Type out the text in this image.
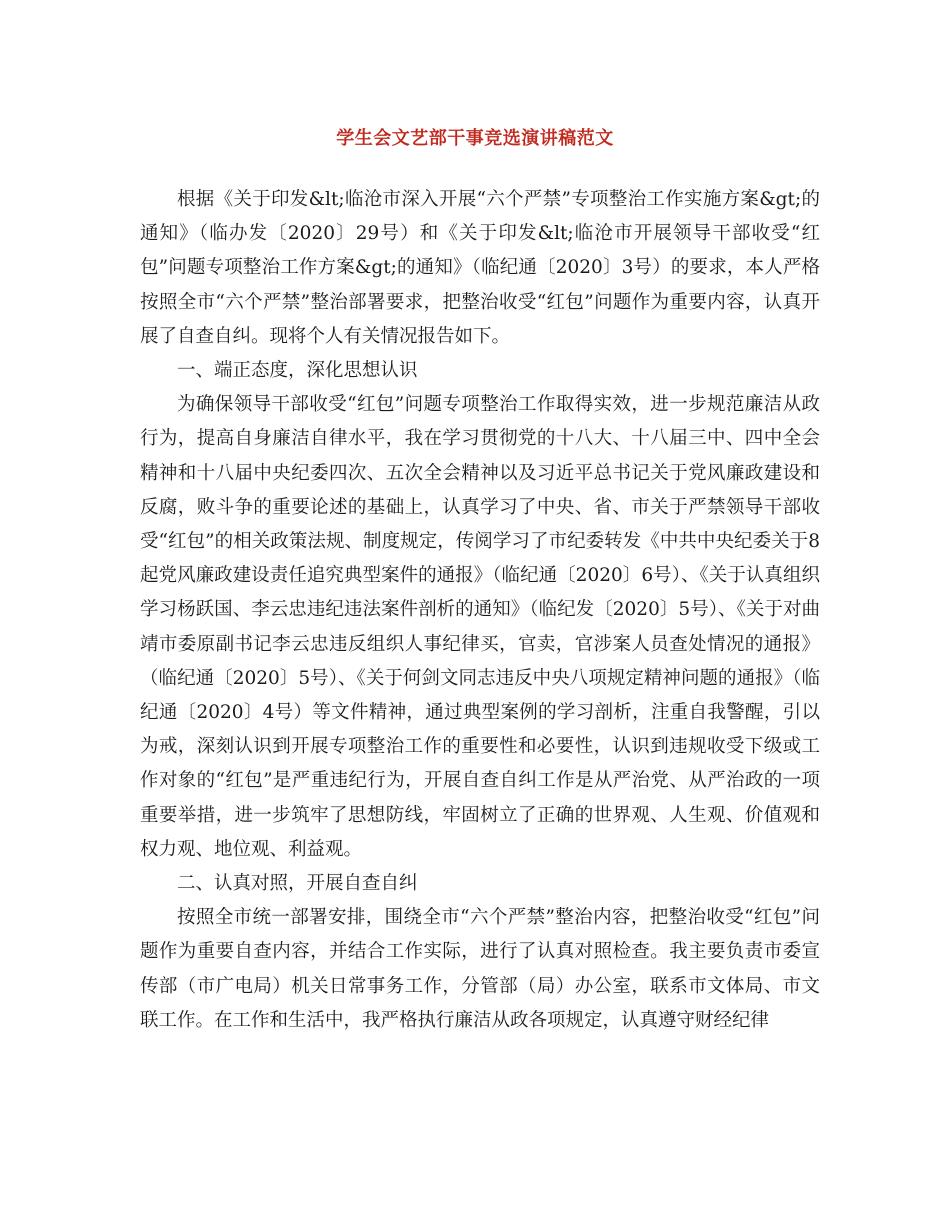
学生会文艺部干事竞选演讲稿范文

根据《关于印发&lt;临沧市深入开展“六个严禁”专项整治工作实施方案&gt;的通知》（临办发〔2020〕29号）和《关于印发&lt;临沧市开展领导干部收受“红包”问题专项整治工作方案&gt;的通知》（临纪通〔2020〕3号）的要求，本人严格按照全市“六个严禁”整治部署要求，把整治收受“红包”问题作为重要内容，认真开展了自查自纠。现将个人有关情况报告如下。

一、端正态度，深化思想认识

为确保领导干部收受“红包”问题专项整治工作取得实效，进一步规范廉洁从政行为，提高自身廉洁自律水平，我在学习贯彻党的十八大、十八届三中、四中全会精神和十八届中央纪委四次、五次全会精神以及习近平总书记关于党风廉政建设和反腐，败斗争的重要论述的基础上，认真学习了中央、省、市关于严禁领导干部收受“红包”的相关政策法规、制度规定，传阅学习了市纪委转发《中共中央纪委关于8起党风廉政建设责任追究典型案件的通报》（临纪通〔2020〕6号）、《关于认真组织学习杨跃国、李云忠违纪违法案件剖析的通知》（临纪发〔2020〕5号）、《关于对曲靖市委原副书记李云忠违反组织人事纪律买，官卖，官涉案人员查处情况的通报》（临纪通〔2020〕5号）、《关于何剑文同志违反中央八项规定精神问题的通报》（临纪通〔2020〕4号）等文件精神，通过典型案例的学习剖析，注重自我警醒，引以为戒，深刻认识到开展专项整治工作的重要性和必要性，认识到违规收受下级或工作对象的“红包”是严重违纪行为，开展自查自纠工作是从严治党、从严治政的一项重要举措，进一步筑牢了思想防线，牢固树立了正确的世界观、人生观、价值观和权力观、地位观、利益观。

二、认真对照，开展自查自纠

按照全市统一部署安排，围绕全市“六个严禁”整治内容，把整治收受“红包”问题作为重要自查内容，并结合工作实际，进行了认真对照检查。我主要负责市委宣传部（市广电局）机关日常事务工作，分管部（局）办公室，联系市文体局、市文联工作。在工作和生活中，我严格执行廉洁从政各项规定，认真遵守财经纪律
